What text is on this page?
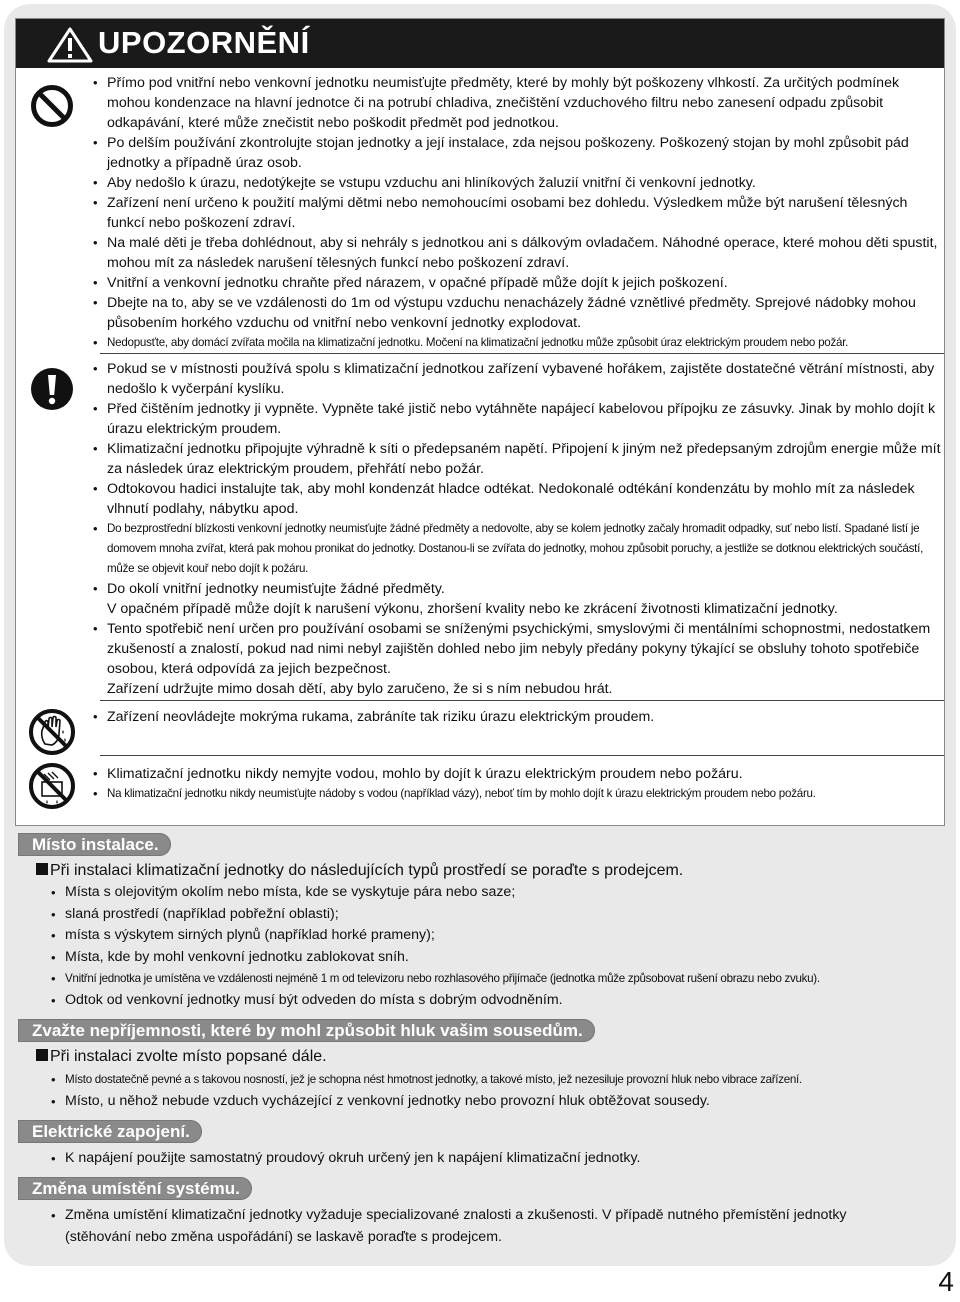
UPOZORNĚNÍ
• Přímo pod vnitřní nebo venkovní jednotku neumisťujte předměty, které by mohly být poškozeny vlhkostí. Za určitých podmínek mohou kondenzace na hlavní jednotce či na potrubí chladiva, znečištění vzduchového filtru nebo zanesení odpadu způsobit odkapávání, které může znečistit nebo poškodit předmět pod jednotkou.
• Po delším používání zkontrolujte stojan jednotky a její instalace, zda nejsou poškozeny. Poškozený stojan by mohl způsobit pád jednotky a případně úraz osob.
• Aby nedošlo k úrazu, nedotýkejte se vstupu vzduchu ani hliníkových žaluzií vnitřní či venkovní jednotky.
• Zařízení není určeno k použití malými dětmi nebo nemohoucími osobami bez dohledu. Výsledkem může být narušení tělesných funkcí nebo poškození zdraví.
• Na malé děti je třeba dohlédnout, aby si nehrály s jednotkou ani s dálkovým ovladačem. Náhodné operace, které mohou děti spustit, mohou mít za následek narušení tělesných funkcí nebo poškození zdraví.
• Vnitřní a venkovní jednotku chraňte před nárazem, v opačné případě může dojít k jejich poškození.
• Dbejte na to, aby se ve vzdálenosti do 1m od výstupu vzduchu nenacházely žádné vznětlivé předměty. Sprejové nádobky mohou působením horkého vzduchu od vnitřní nebo venkovní jednotky explodovat.
• Nedopusťte, aby domácí zvířata močila na klimatizační jednotku. Močení na klimatizační jednotku může způsobit úraz elektrickým proudem nebo požár.
• Pokud se v místnosti používá spolu s klimatizační jednotkou zařízení vybavené hořákem, zajistěte dostatečné větrání místnosti, aby nedošlo k vyčerpání kyslíku.
• Před čištěním jednotky ji vypněte. Vypněte také jistič nebo vytáhněte napájecí kabelovou přípojku ze zásuvky. Jinak by mohlo dojít k úrazu elektrickým proudem.
• Klimatizační jednotku připojujte výhradně k síti o předepsaném napětí. Připojení k jiným než předepsaným zdrojům energie může mít za následek úraz elektrickým proudem, přehřátí nebo požár.
• Odtokovou hadici instalujte tak, aby mohl kondenzát hladce odtékat. Nedokonalé odtékání kondenzátu by mohlo mít za následek vlhnutí podlahy, nábytku apod.
• Do bezprostřední blízkosti venkovní jednotky neumisťujte žádné předměty a nedovolte, aby se kolem jednotky začaly hromadit odpadky, suť nebo listí. Spadané listí je domovem mnoha zvířat, která pak mohou pronikat do jednotky. Dostanou-li se zvířata do jednotky, mohou způsobit poruchy, a jestliže se dotknou elektrických součástí, může se objevit kouř nebo dojít k požáru.
• Do okolí vnitřní jednotky neumisťujte žádné předměty.
V opačném případě může dojít k narušení výkonu, zhoršení kvality nebo ke zkrácení životnosti klimatizační jednotky.
• Tento spotřebič není určen pro používání osobami se sníženými psychickými, smyslovými či mentálními schopnostmi, nedostatkem zkušeností a znalostí, pokud nad nimi nebyl zajištěn dohled nebo jim nebyly předány pokyny týkající se obsluhy tohoto spotřebiče osobou, která odpovídá za jejich bezpečnost.
Zařízení udržujte mimo dosah dětí, aby bylo zaručeno, že si s ním nebudou hrát.
• Zařízení neovládejte mokrýma rukama, zabráníte tak riziku úrazu elektrickým proudem.
• Klimatizační jednotku nikdy nemyjte vodou, mohlo by dojít k úrazu elektrickým proudem nebo požáru.
• Na klimatizační jednotku nikdy neumisťujte nádoby s vodou (například vázy), neboť tím by mohlo dojít k úrazu elektrickým proudem nebo požáru.
Místo instalace.
Při instalaci klimatizační jednotky do následujících typů prostředí se poraďte s prodejcem.
• Místa s olejovitým okolím nebo místa, kde se vyskytuje pára nebo saze;
• slaná prostředí (například pobřežní oblasti);
• místa s výskytem sirných plynů (například horké prameny);
• Místa, kde by mohl venkovní jednotku zablokovat sníh.
• Vnitřní jednotka je umístěna ve vzdálenosti nejméně 1 m od televizoru nebo rozhlasového přijímače (jednotka může způsobovat rušení obrazu nebo zvuku).
• Odtok od venkovní jednotky musí být odveden do místa s dobrým odvodněním.
Zvažte nepříjemnosti, které by mohl způsobit hluk vašim sousedům.
Při instalaci zvolte místo popsané dále.
• Místo dostatečně pevné a s takovou nosností, jež je schopna nést hmotnost jednotky, a takové místo, jež nezesiluje provozní hluk nebo vibrace zařízení.
• Místo, u něhož nebude vzduch vycházející z venkovní jednotky nebo provozní hluk obtěžovat sousedy.
Elektrické zapojení.
• K napájení použijte samostatný proudový okruh určený jen k napájení klimatizační jednotky.
Změna umístění systému.
• Změna umístění klimatizační jednotky vyžaduje specializované znalosti a zkušenosti. V případě nutného přemístění jednotky (stěhování nebo změna uspořádání) se laskavě poraďte s prodejcem.
4
